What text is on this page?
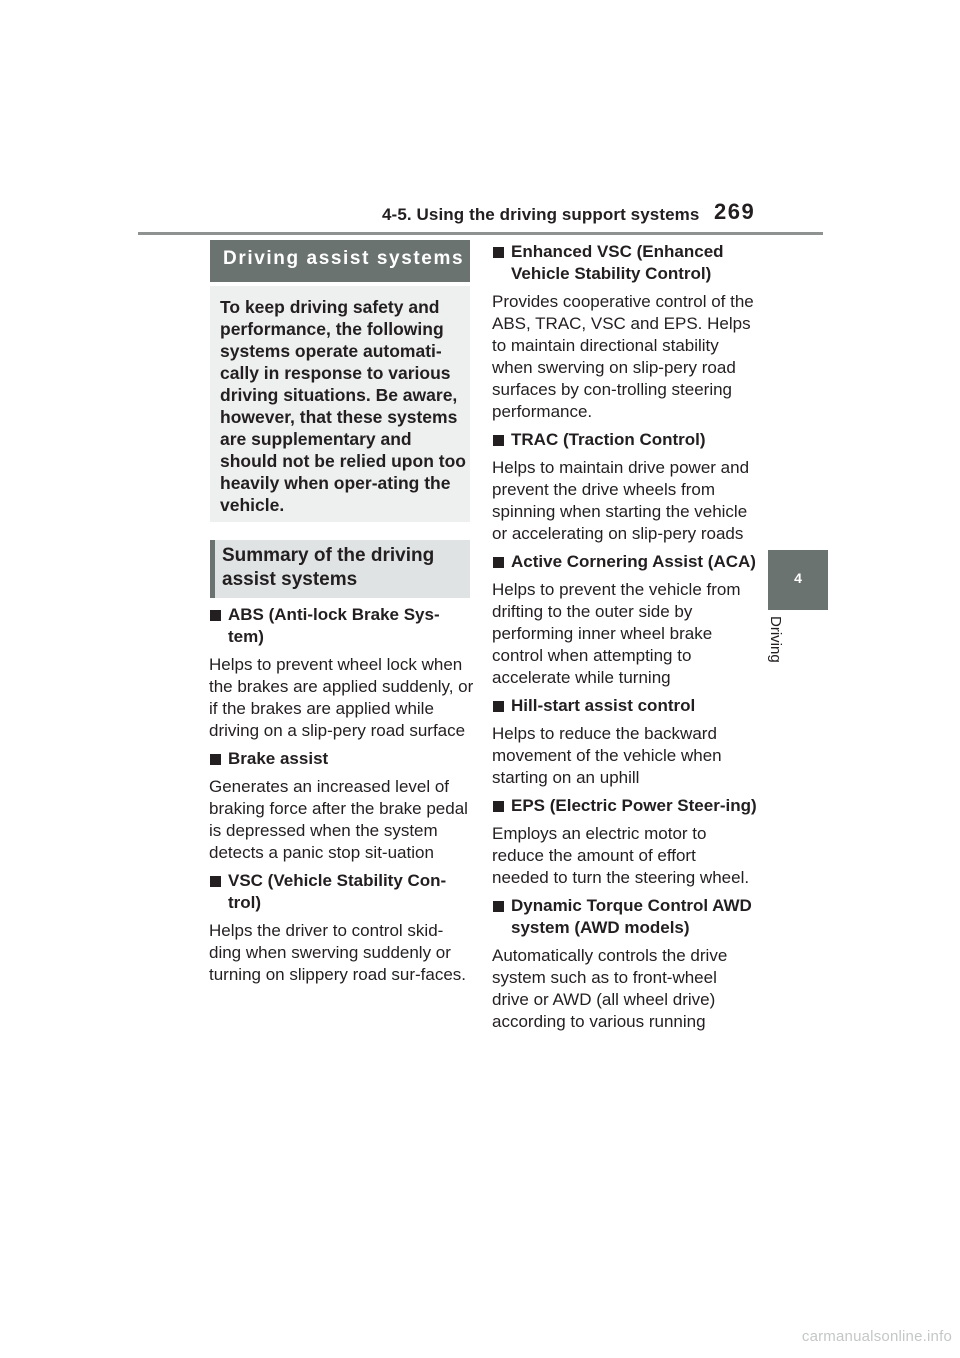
4-5. Using the driving support systems 269
4
Driving
Driving assist systems

To keep driving safety and performance, the following systems operate automati-cally in response to various driving situations. Be aware, however, that these systems are supplementary and should not be relied upon too heavily when oper-ating the vehicle.

Summary of the driving assist systems
ABS (Anti-lock Brake Sys-tem)
Helps to prevent wheel lock when the brakes are applied suddenly, or if the brakes are applied while driving on a slip-pery road surface
Brake assist
Generates an increased level of braking force after the brake pedal is depressed when the system detects a panic stop sit-uation
VSC (Vehicle Stability Con-trol)
Helps the driver to control skid-ding when swerving suddenly or turning on slippery road sur-faces.
Enhanced VSC (Enhanced Vehicle Stability Control)
Provides cooperative control of the ABS, TRAC, VSC and EPS. Helps to maintain directional stability when swerving on slip-pery road surfaces by con-trolling steering performance.
TRAC (Traction Control)
Helps to maintain drive power and prevent the drive wheels from spinning when starting the vehicle or accelerating on slip-pery roads
Active Cornering Assist (ACA)
Helps to prevent the vehicle from drifting to the outer side by performing inner wheel brake control when attempting to accelerate while turning
Hill-start assist control
Helps to reduce the backward movement of the vehicle when starting on an uphill
EPS (Electric Power Steer-ing)
Employs an electric motor to reduce the amount of effort needed to turn the steering wheel.
Dynamic Torque Control AWD system (AWD models)
Automatically controls the drive system such as to front-wheel drive or AWD (all wheel drive) according to various running
carmanualsonline.info
